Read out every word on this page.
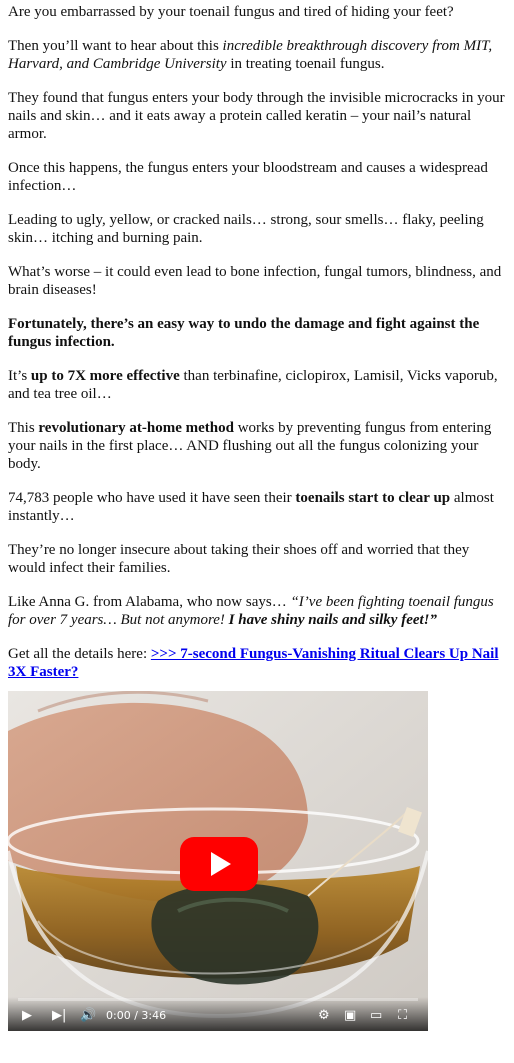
Are you embarrassed by your toenail fungus and tired of hiding your feet?

Then you’ll want to hear about this incredible breakthrough discovery from MIT, Harvard, and Cambridge University in treating toenail fungus.

They found that fungus enters your body through the invisible microcracks in your nails and skin… and it eats away a protein called keratin – your nail’s natural armor.

Once this happens, the fungus enters your bloodstream and causes a widespread infection…

Leading to ugly, yellow, or cracked nails… strong, sour smells… flaky, peeling skin… itching and burning pain.

What’s worse – it could even lead to bone infection, fungal tumors, blindness, and brain diseases!

Fortunately, there’s an easy way to undo the damage and fight against the fungus infection.

It’s up to 7X more effective than terbinafine, ciclopirox, Lamisil, Vicks vaporub, and tea tree oil…

This revolutionary at-home method works by preventing fungus from entering your nails in the first place… AND flushing out all the fungus colonizing your body.

74,783 people who have used it have seen their toenails start to clear up almost instantly…

They’re no longer insecure about taking their shoes off and worried that they would infect their families.

Like Anna G. from Alabama, who now says… “I’ve been fighting toenail fungus for over 7 years… But not anymore! I have shiny nails and silky feet!”

Get all the details here: >>> 7-second Fungus-Vanishing Ritual Clears Up Nail 3X Faster?

▶ ▶| 🔊 0:00 / 3:46	⚙ ▣ ▭ ⛶
